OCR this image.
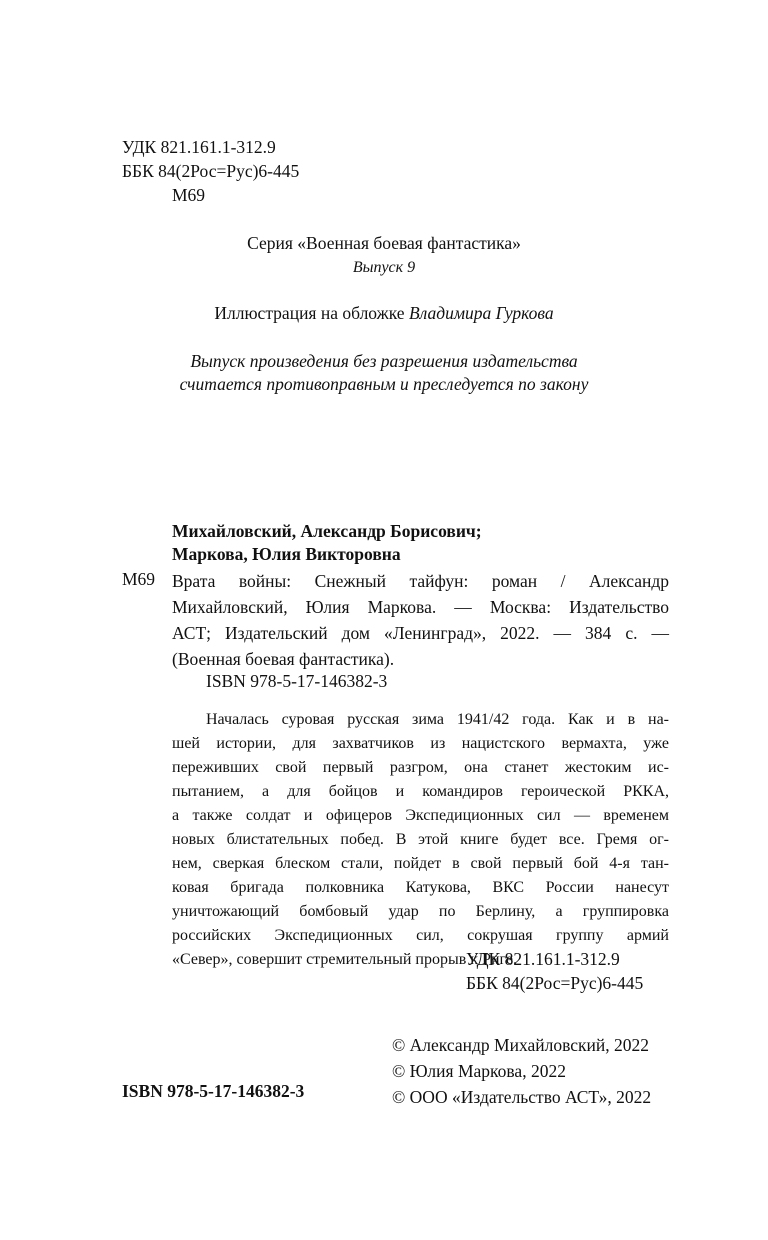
УДК 821.161.1-312.9
ББК 84(2Рос=Рус)6-445
М69
Серия «Военная боевая фантастика»
Выпуск 9
Иллюстрация на обложке Владимира Гуркова
Выпуск произведения без разрешения издательства
считается противоправным и преследуется по закону
Михайловский, Александр Борисович;
Маркова, Юлия Викторовна
М69 Врата войны: Снежный тайфун: роман / Александр
Михайловский, Юлия Маркова. — Москва: Издательство
АСТ; Издательский дом «Ленинград», 2022. — 384 с. —
(Военная боевая фантастика).
ISBN 978-5-17-146382-3
Началась суровая русская зима 1941/42 года. Как и в на-
шей истории, для захватчиков из нацистского вермахта, уже
переживших свой первый разгром, она станет жестоким ис-
пытанием, а для бойцов и командиров героической РККА,
а также солдат и офицеров Экспедиционных сил — временем
новых блистательных побед. В этой книге будет все. Гремя ог-
нем, сверкая блеском стали, пойдет в свой первый бой 4-я тан-
ковая бригада полковника Катукова, ВКС России нанесут
уничтожающий бомбовый удар по Берлину, а группировка
российских Экспедиционных сил, сокрушая группу армий
«Север», совершит стремительный прорыв к Риге.
УДК 821.161.1-312.9
ББК 84(2Рос=Рус)6-445
© Александр Михайловский, 2022
© Юлия Маркова, 2022
© ООО «Издательство АСТ», 2022
ISBN 978-5-17-146382-3
